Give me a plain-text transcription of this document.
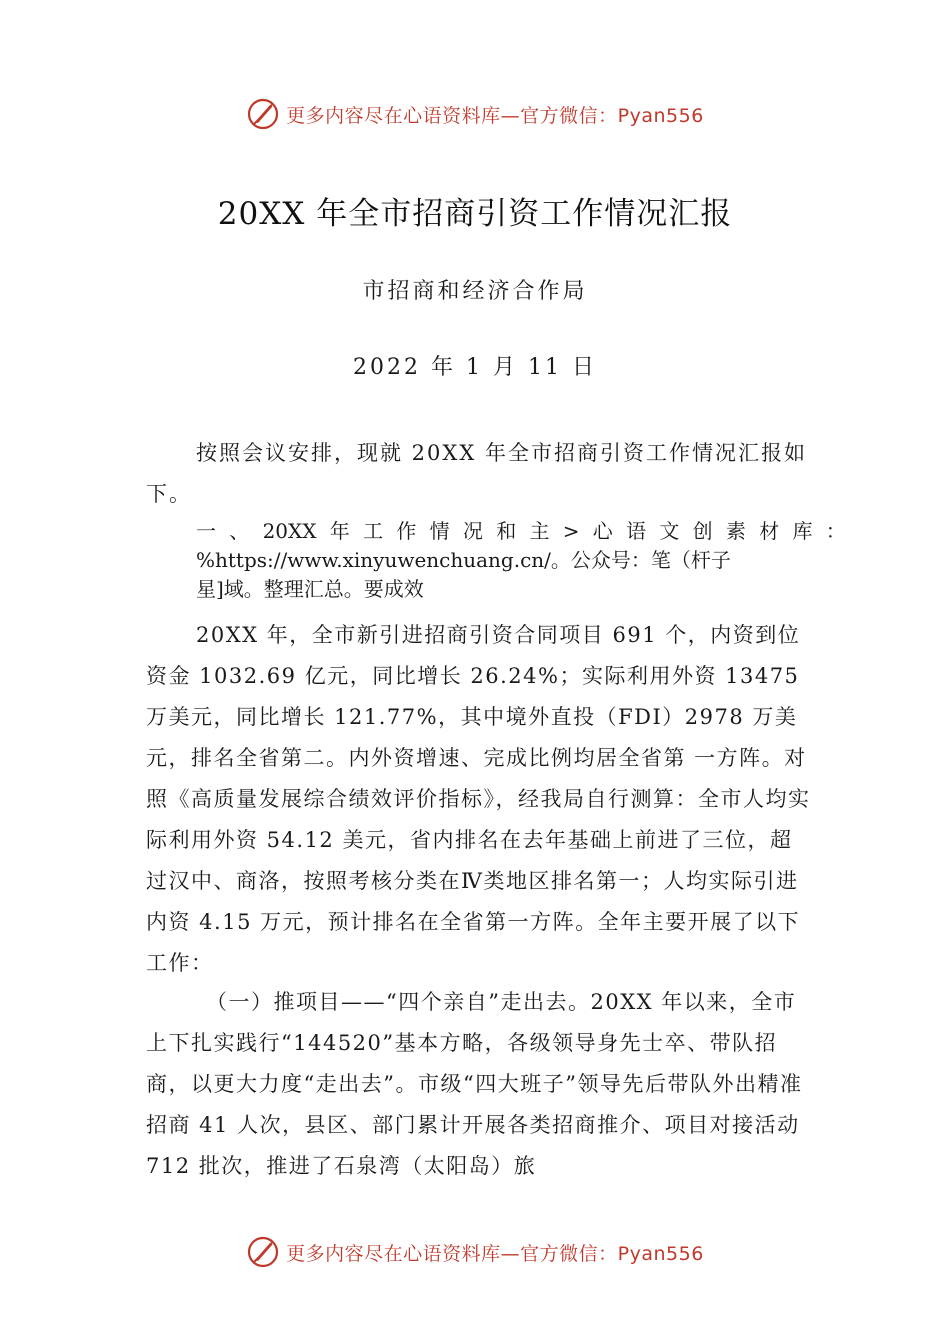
更多内容尽在心语资料库—官方微信：Pyan556
20XX 年全市招商引资工作情况汇报
市招商和经济合作局
2022 年 1 月 11 日
按照会议安排，现就 20XX 年全市招商引资工作情况汇报如下。
一 、 20XX 年 工 作 情 况 和 主 > 心 语 文 创 素 材 库 ：
%https://www.xinyuwenchuang.cn/。公众号：笔（杆子
星]域。整理汇总。要成效
20XX 年，全市新引进招商引资合同项目 691 个，内资到位资金 1032.69 亿元，同比增长 26.24%；实际利用外资 13475 万美元，同比增长 121.77%，其中境外直投（FDI）2978 万美元，排名全省第二。内外资增速、完成比例均居全省第 一方阵。对照《高质量发展综合绩效评价指标》，经我局自行测算：全市人均实际利用外资 54.12 美元，省内排名在去年基础上前进了三位，超过汉中、商洛，按照考核分类在Ⅳ类地区排名第一；人均实际引进内资 4.15 万元，预计排名在全省第一方阵。全年主要开展了以下工作：
（一）推项目——“四个亲自”走出去。20XX 年以来，全市上下扎实践行“144520”基本方略，各级领导身先士卒、带队招商，以更大力度“走出去”。市级“四大班子”领导先后带队外出精准招商 41 人次，县区、部门累计开展各类招商推介、项目对接活动 712 批次，推进了石泉湾（太阳岛）旅
更多内容尽在心语资料库—官方微信：Pyan556
